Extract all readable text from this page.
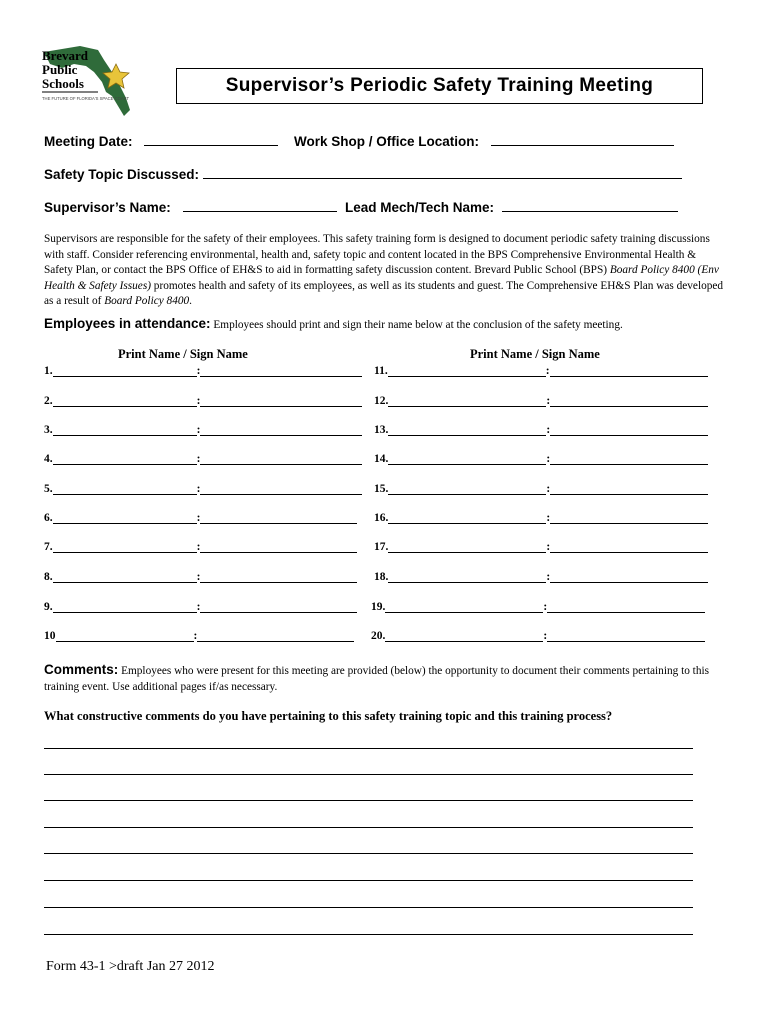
Brevard
Public
Schools
THE FUTURE OF FLORIDA'S SPACE COAST
Supervisor’s Periodic Safety Training Meeting
Meeting Date:	Work Shop / Office Location:
Safety Topic Discussed:
Supervisor’s Name:	Lead Mech/Tech Name:
Supervisors are responsible for the safety of their employees. This safety training form is designed to document periodic safety training discussions with staff. Consider referencing environmental, health and, safety topic and content located in the BPS Comprehensive Environmental Health & Safety Plan, or contact the BPS Office of EH&S to aid in formatting safety discussion content. Brevard Public School (BPS) Board Policy 8400 (Env Health & Safety Issues) promotes health and safety of its employees, as well as its students and guest. The Comprehensive EH&S Plan was developed as a result of Board Policy 8400.
Employees in attendance: Employees should print and sign their name below at the conclusion of the safety meeting.
Print Name / Sign Name	Print Name / Sign Name
1.	:
2.	:
3.	:
4.	:
5.	:
6.	:
7.	:
8.	:
9.	:
10	:
11.	:
12.	:
13.	:
14.	:
15.	:
16.	:
17.	:
18.	:
19.	:
20.	:
Comments: Employees who were present for this meeting are provided (below) the opportunity to document their comments pertaining to this training event. Use additional pages if/as necessary.
What constructive comments do you have pertaining to this safety training topic and this training process?
Form 43-1 >draft Jan 27 2012
